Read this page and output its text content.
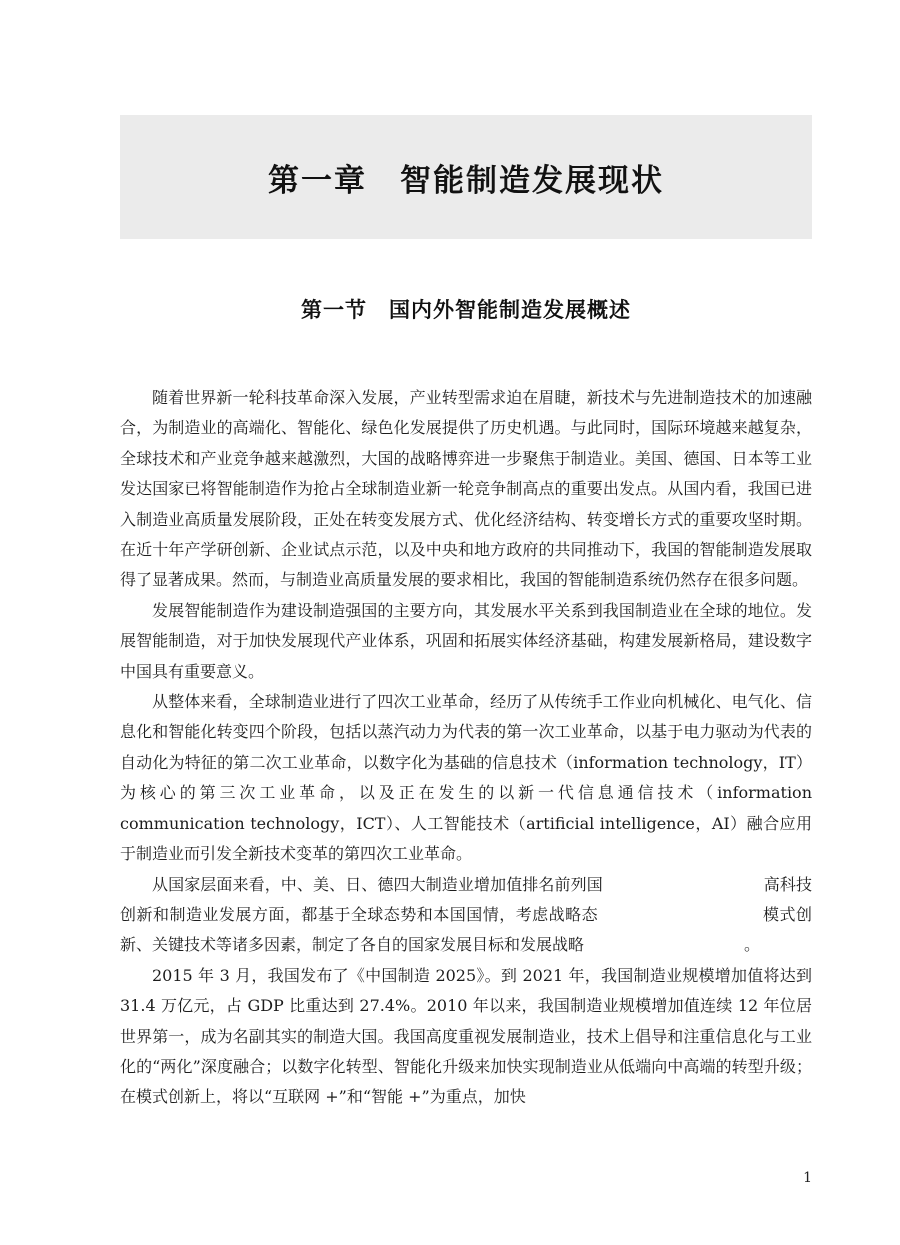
第一章　智能制造发展现状
第一节　国内外智能制造发展概述

随着世界新一轮科技革命深入发展，产业转型需求迫在眉睫，新技术与先进制造技术的加速融合，为制造业的高端化、智能化、绿色化发展提供了历史机遇。与此同时，国际环境越来越复杂，全球技术和产业竞争越来越激烈，大国的战略博弈进一步聚焦于制造业。美国、德国、日本等工业发达国家已将智能制造作为抢占全球制造业新一轮竞争制高点的重要出发点。从国内看，我国已进入制造业高质量发展阶段，正处在转变发展方式、优化经济结构、转变增长方式的重要攻坚时期。在近十年产学研创新、企业试点示范，以及中央和地方政府的共同推动下，我国的智能制造发展取得了显著成果。然而，与制造业高质量发展的要求相比，我国的智能制造系统仍然存在很多问题。

发展智能制造作为建设制造强国的主要方向，其发展水平关系到我国制造业在全球的地位。发展智能制造，对于加快发展现代产业体系，巩固和拓展实体经济基础，构建发展新格局，建设数字中国具有重要意义。

从整体来看，全球制造业进行了四次工业革命，经历了从传统手工作业向机械化、电气化、信息化和智能化转变四个阶段，包括以蒸汽动力为代表的第一次工业革命，以基于电力驱动为代表的自动化为特征的第二次工业革命，以数字化为基础的信息技术（information technology，IT）为核心的第三次工业革命，以及正在发生的以新一代信息通信技术（information communication technology，ICT）、人工智能技术（artificial intelligence，AI）融合应用于制造业而引发全新技术变革的第四次工业革命。

从国家层面来看，中、美、日、德四大制造业增加值排名前列国　　　　　　　　　　高科技创新和制造业发展方面，都基于全球态势和本国国情，考虑战略态　　　　　　　　　　模式创新、关键技术等诸多因素，制定了各自的国家发展目标和发展战略　　　　　　　　　　。

2015 年 3 月，我国发布了《中国制造 2025》。到 2021 年，我国制造业规模增加值将达到 31.4 万亿元，占 GDP 比重达到 27.4%。2010 年以来，我国制造业规模增加值连续 12 年位居世界第一，成为名副其实的制造大国。我国高度重视发展制造业，技术上倡导和注重信息化与工业化的“两化”深度融合；以数字化转型、智能化升级来加快实现制造业从低端向中高端的转型升级；在模式创新上，将以“互联网 +”和“智能 +”为重点，加快

1
